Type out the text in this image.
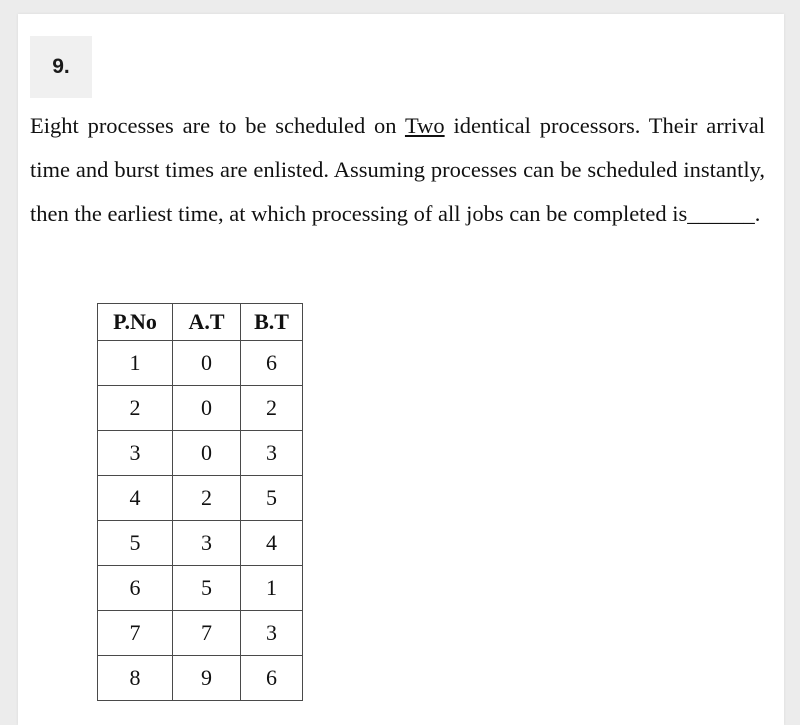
9.

Eight processes are to be scheduled on Two identical processors. Their arrival time and burst times are enlisted. Assuming processes can be scheduled instantly, then the earliest time, at which processing of all jobs can be completed is______.

P.No	A.T	B.T
1	0	6
2	0	2
3	0	3
4	2	5
5	3	4
6	5	1
7	7	3
8	9	6
